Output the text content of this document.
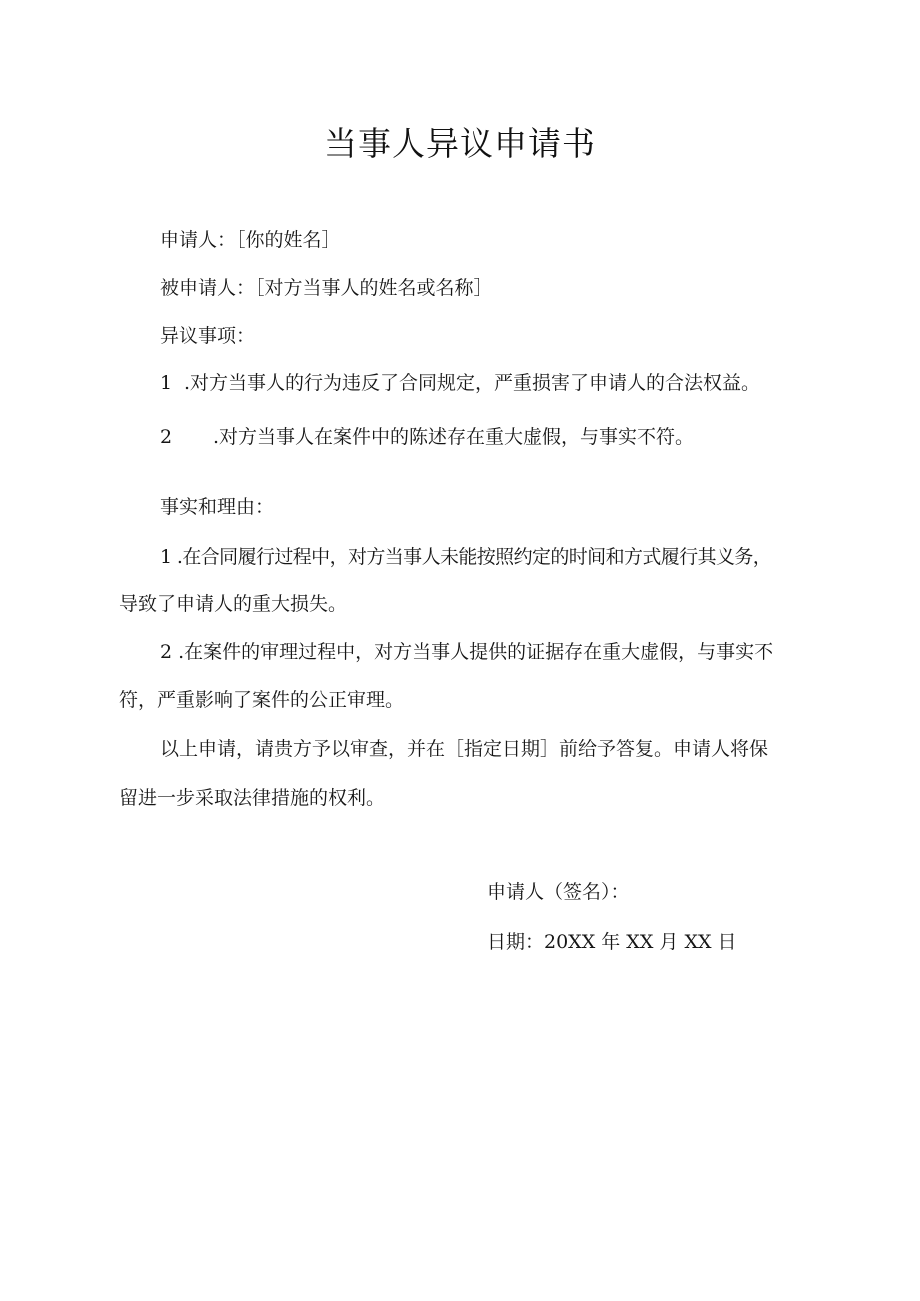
当事人异议申请书
申请人：［你的姓名］
被申请人：［对方当事人的姓名或名称］
异议事项：
1 .对方当事人的行为违反了合同规定，严重损害了申请人的合法权益。
2 .对方当事人在案件中的陈述存在重大虚假，与事实不符。
事实和理由：
1 .在合同履行过程中，对方当事人未能按照约定的时间和方式履行其义务，
导致了申请人的重大损失。
2 .在案件的审理过程中，对方当事人提供的证据存在重大虚假，与事实不
符，严重影响了案件的公正审理。
以上申请，请贵方予以审查，并在［指定日期］前给予答复。申请人将保
留进一步采取法律措施的权利。
申请人（签名）：
日期：20XX 年 XX 月 XX 日
